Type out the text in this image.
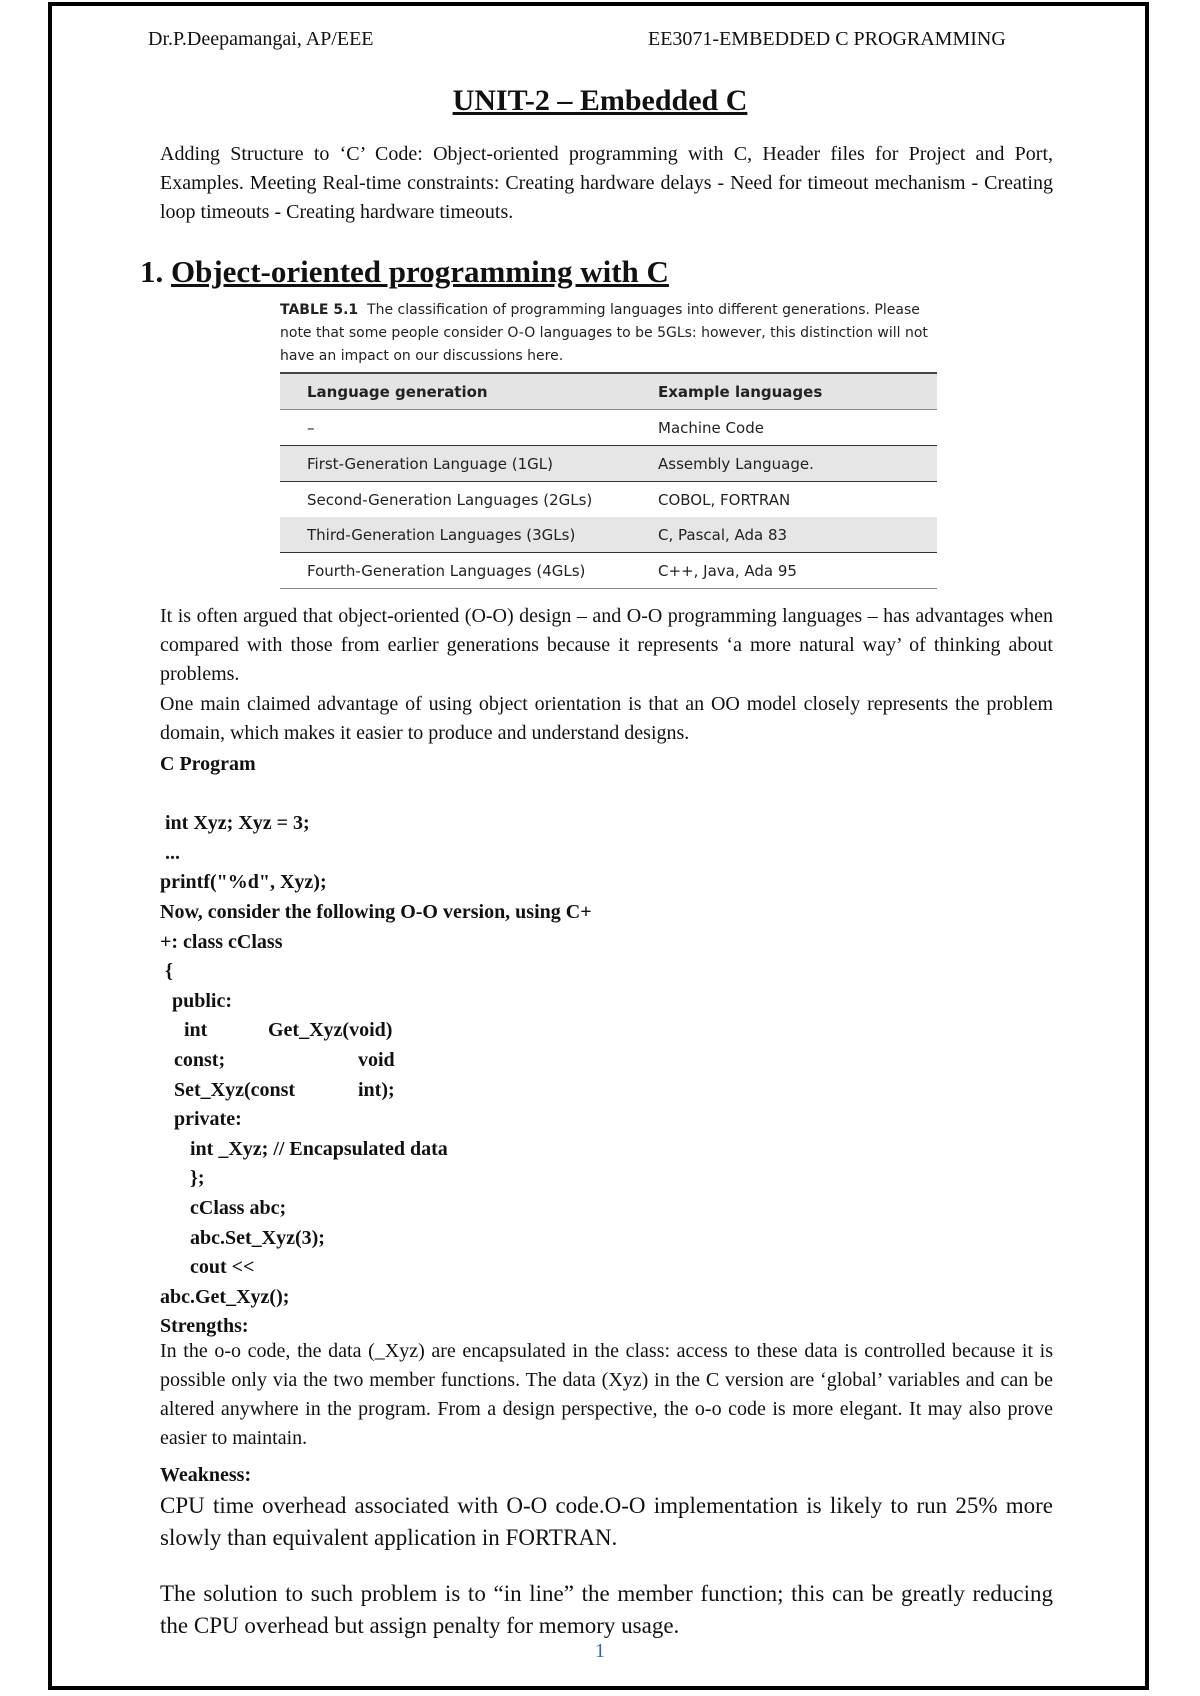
Dr.P.Deepamangai, AP/EEE	EE3071-EMBEDDED C PROGRAMMING
UNIT-2 – Embedded C

Adding Structure to ‘C’ Code: Object-oriented programming with C, Header files for Project and Port, Examples. Meeting Real-time constraints: Creating hardware delays - Need for timeout mechanism - Creating loop timeouts - Creating hardware timeouts.

1. Object-oriented programming with C

TABLE 5.1 The classification of programming languages into different generations. Please note that some people consider O-O languages to be 5GLs: however, this distinction will not have an impact on our discussions here.

Language generation	Example languages
–	Machine Code
First-Generation Language (1GL)	Assembly Language.
Second-Generation Languages (2GLs)	COBOL, FORTRAN
Third-Generation Languages (3GLs)	C, Pascal, Ada 83
Fourth-Generation Languages (4GLs)	C++, Java, Ada 95

It is often argued that object-oriented (O-O) design – and O-O programming languages – has advantages when compared with those from earlier generations because it represents ‘a more natural way’ of thinking about problems.

One main claimed advantage of using object orientation is that an OO model closely represents the problem domain, which makes it easier to produce and understand designs.

C Program
int Xyz; Xyz = 3;
...
printf("%d", Xyz);
Now, consider the following O-O version, using C+
+: class cClass
{
public:

int

	Get_Xyz(void)

const;

	void

Set_Xyz(const

	int);

private:
int _Xyz; // Encapsulated data
};
cClass abc;
abc.Set_Xyz(3);
cout <<
abc.Get_Xyz();
Strengths:

In the o-o code, the data (_Xyz) are encapsulated in the class: access to these data is controlled because it is possible only via the two member functions. The data (Xyz) in the C version are ‘global’ variables and can be altered anywhere in the program. From a design perspective, the o-o code is more elegant. It may also prove easier to maintain.

Weakness:

CPU time overhead associated with O-O code.O-O implementation is likely to run 25% more slowly than equivalent application in FORTRAN.

The solution to such problem is to “in line” the member function; this can be greatly reducing the CPU overhead but assign penalty for memory usage.

1
